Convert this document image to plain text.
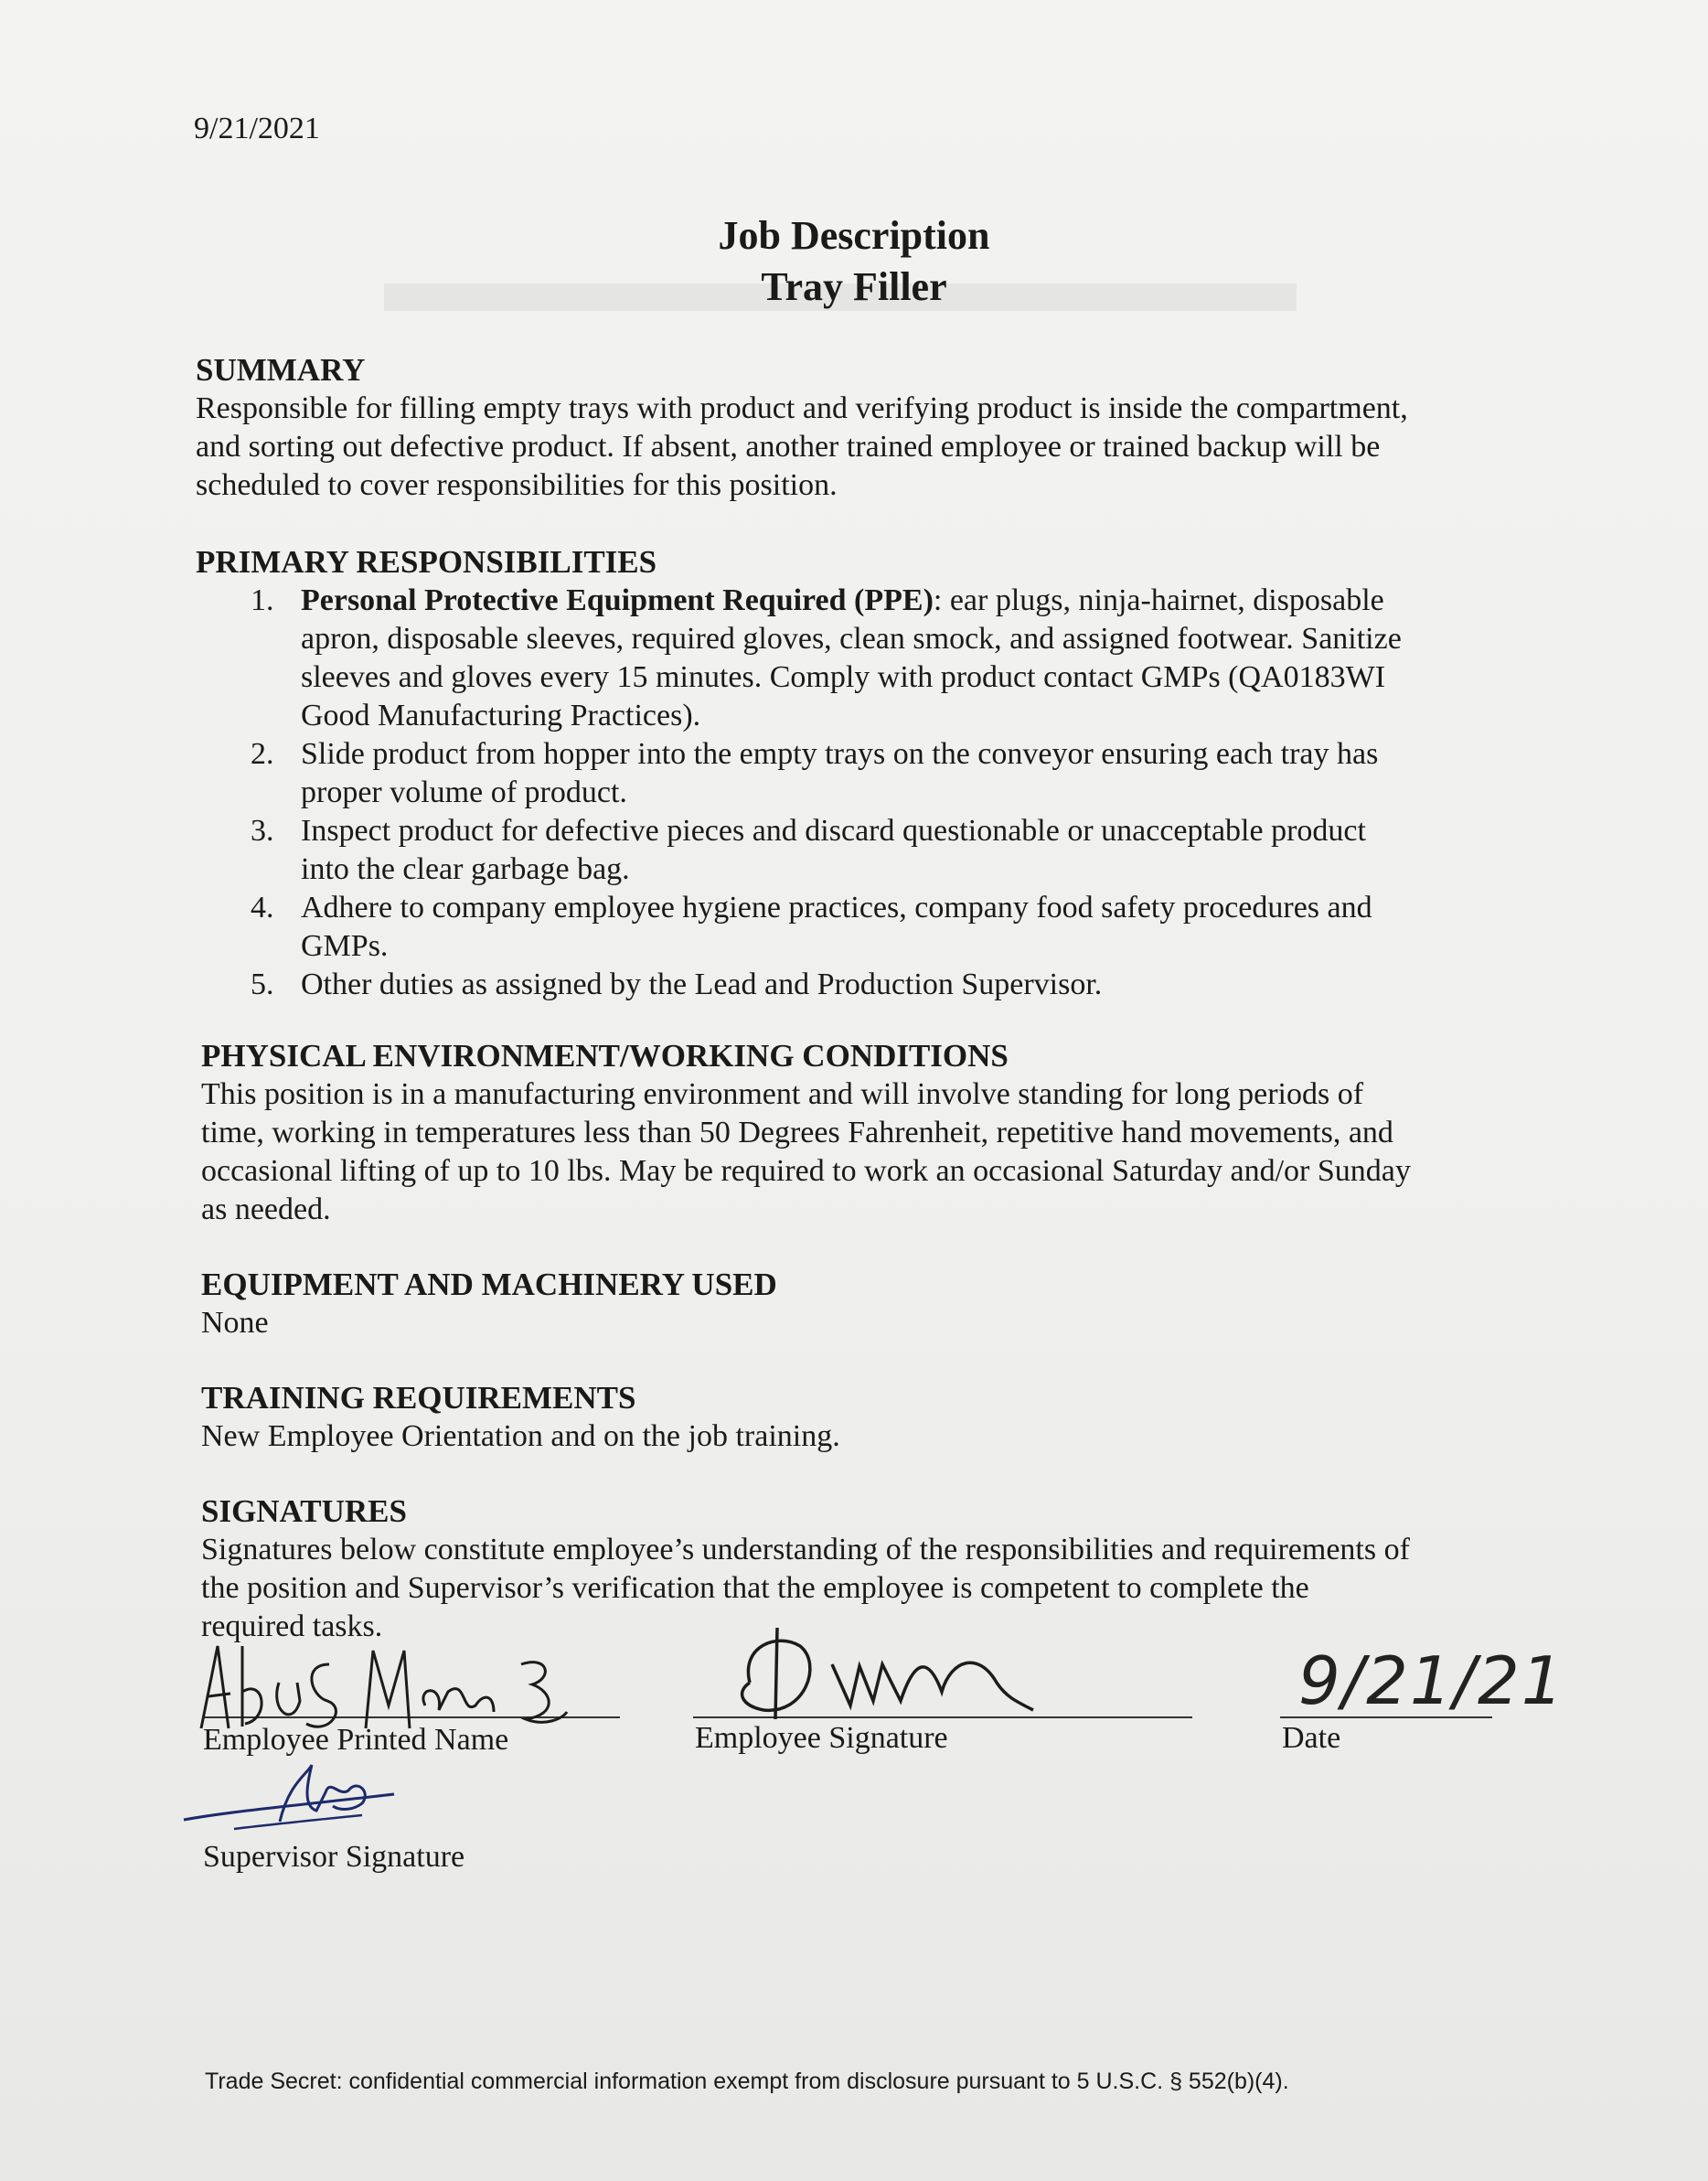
9/21/2021
Job Description
Tray Filler
SUMMARY
Responsible for filling empty trays with product and verifying product is inside the compartment,
and sorting out defective product. If absent, another trained employee or trained backup will be
scheduled to cover responsibilities for this position.
PRIMARY RESPONSIBILITIES
1. Personal Protective Equipment Required (PPE): ear plugs, ninja-hairnet, disposable
apron, disposable sleeves, required gloves, clean smock, and assigned footwear. Sanitize
sleeves and gloves every 15 minutes. Comply with product contact GMPs (QA0183WI
Good Manufacturing Practices).
2. Slide product from hopper into the empty trays on the conveyor ensuring each tray has
proper volume of product.
3. Inspect product for defective pieces and discard questionable or unacceptable product
into the clear garbage bag.
4. Adhere to company employee hygiene practices, company food safety procedures and
GMPs.
5. Other duties as assigned by the Lead and Production Supervisor.
PHYSICAL ENVIRONMENT/WORKING CONDITIONS
This position is in a manufacturing environment and will involve standing for long periods of
time, working in temperatures less than 50 Degrees Fahrenheit, repetitive hand movements, and
occasional lifting of up to 10 lbs. May be required to work an occasional Saturday and/or Sunday
as needed.
EQUIPMENT AND MACHINERY USED
None
TRAINING REQUIREMENTS
New Employee Orientation and on the job training.
SIGNATURES
Signatures below constitute employee’s understanding of the responsibilities and requirements of
the position and Supervisor’s verification that the employee is competent to complete the
required tasks.
Employee Printed Name	Employee Signature	Date
Supervisor Signature
9/21/21
Trade Secret: confidential commercial information exempt from disclosure pursuant to 5 U.S.C. § 552(b)(4).
